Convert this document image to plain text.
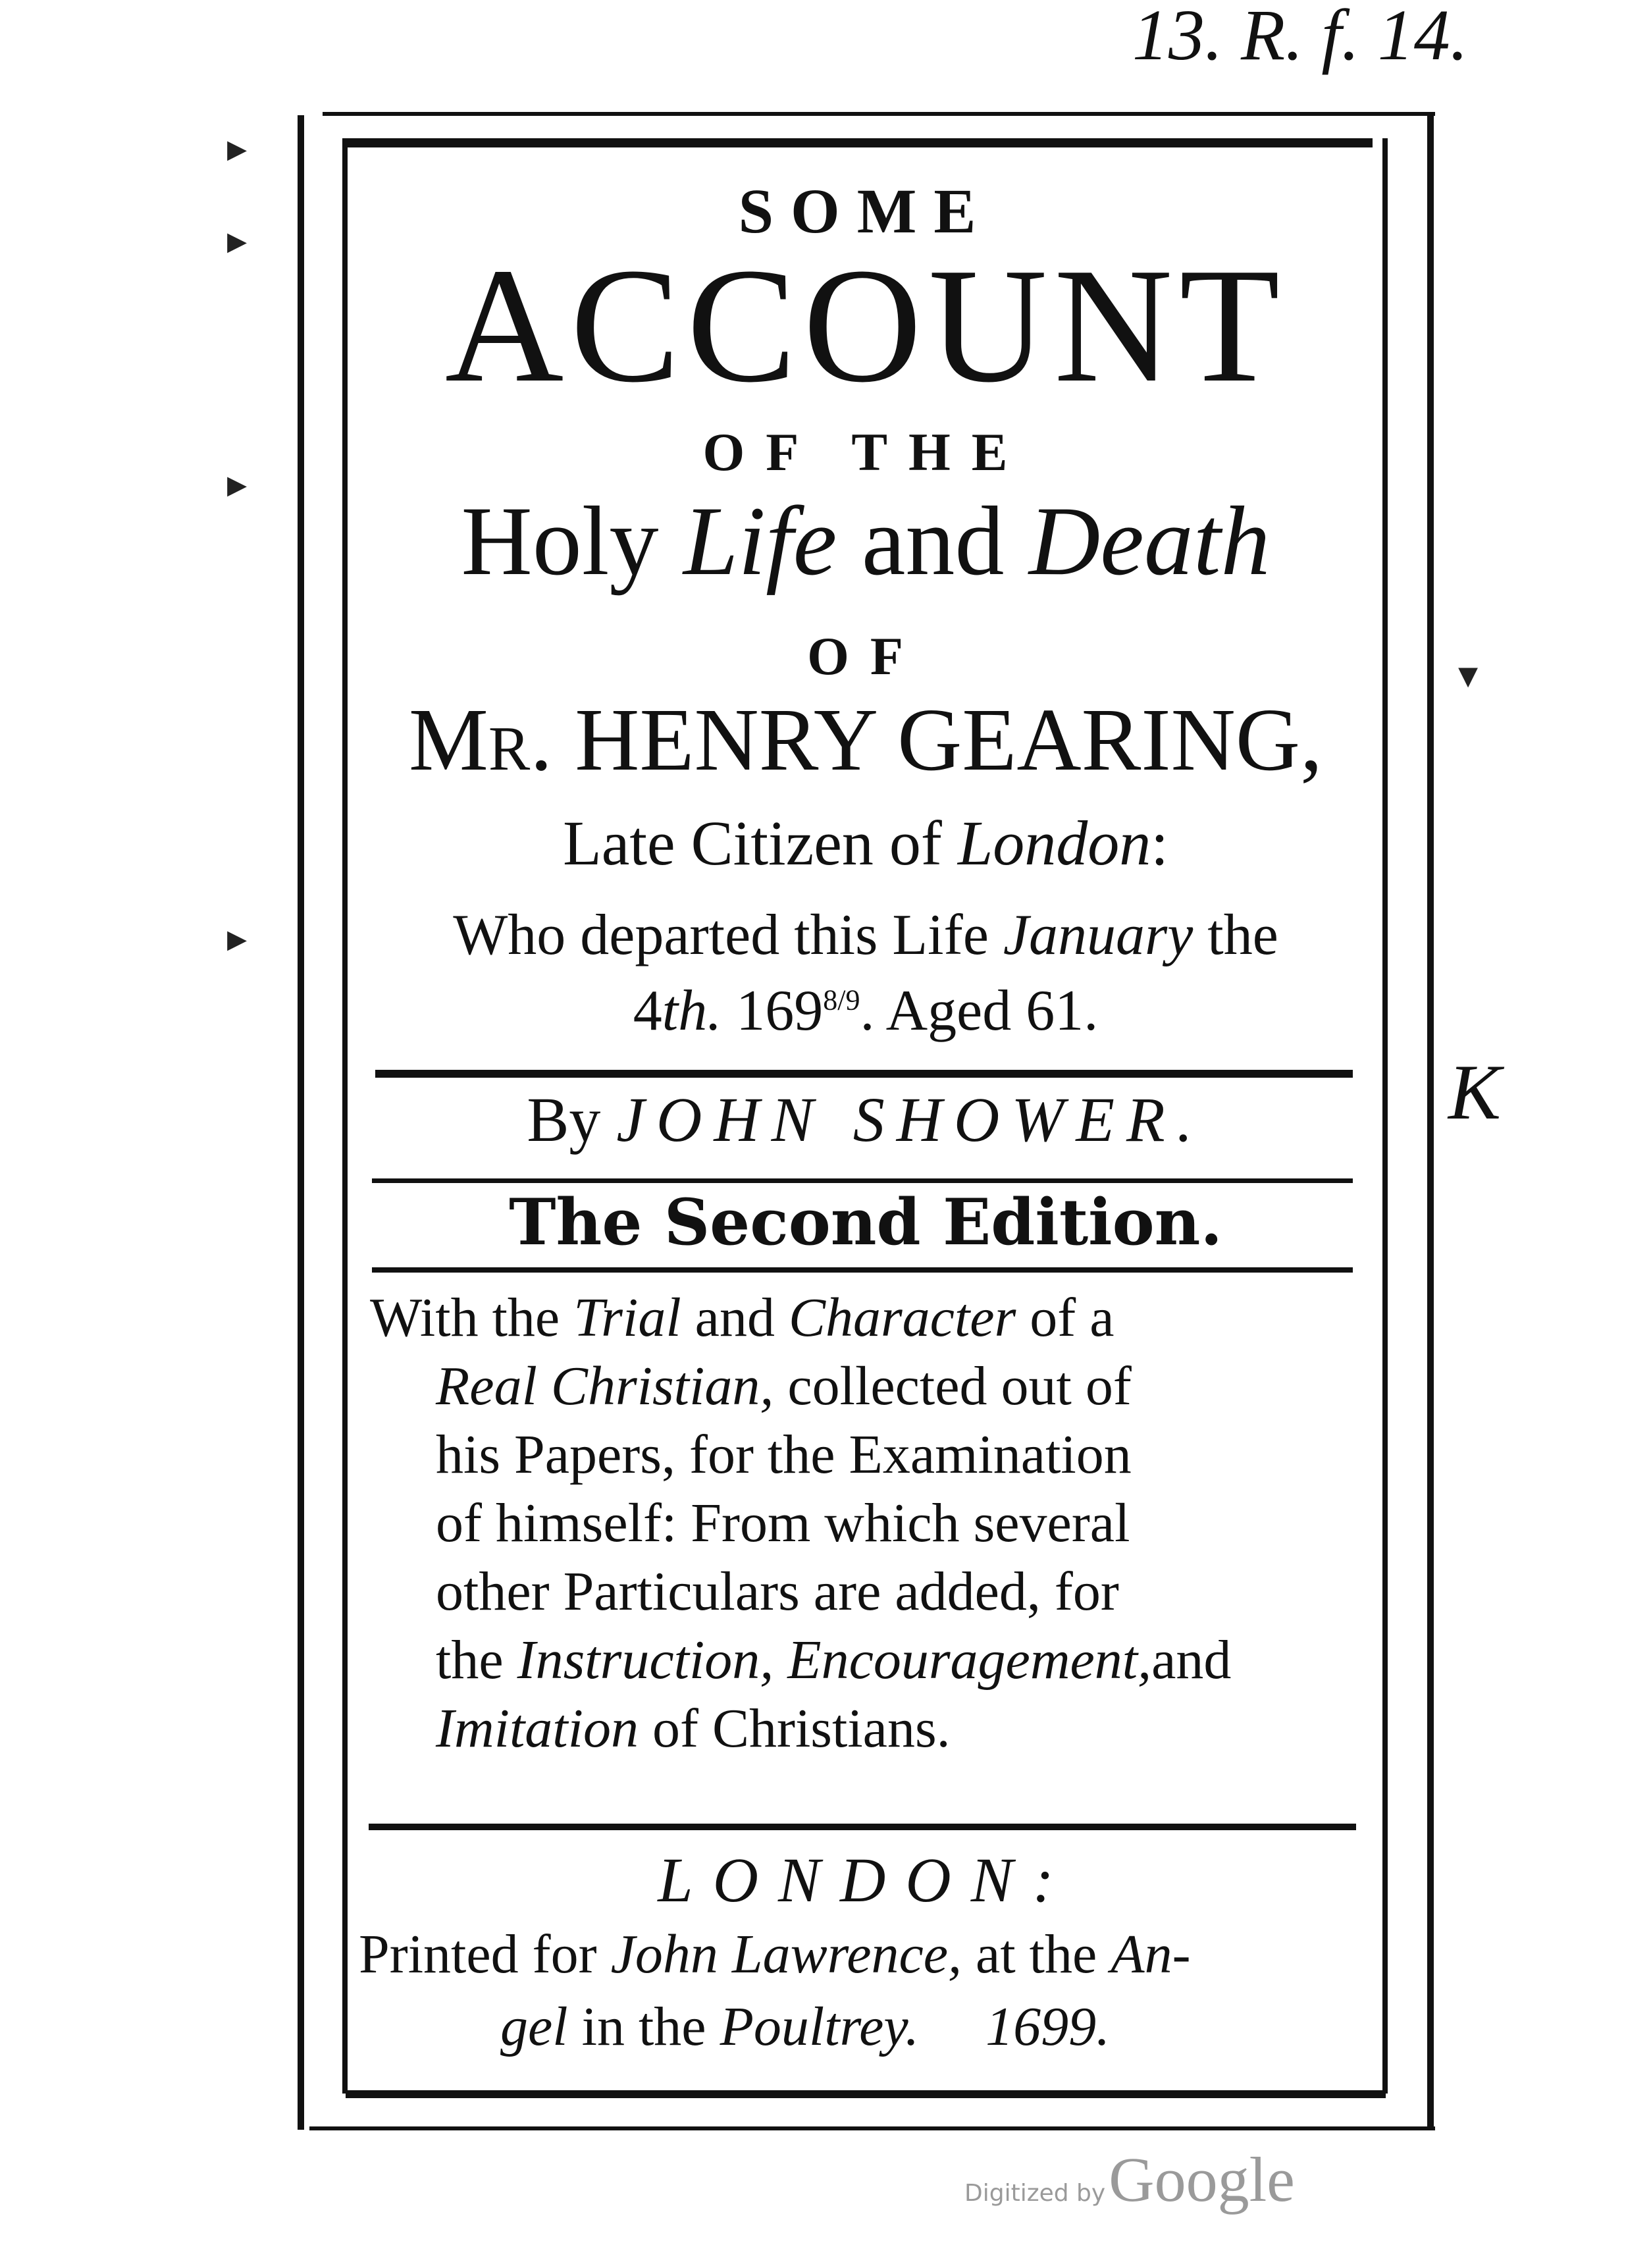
13. R. f. 14.
K
▸
▸
▸
▸
▾
SOME
ACCOUNT
OF THE
Holy Life and Death
OF
Mr. HENRY GEARING,
Late Citizen of London:
Who departed this Life January the
4th. $169^{8/9}$. Aged 61.
By JOHN SHOWER.
The Second Edition.
With the Trial and Character of a
Real Christian, collected out of
his Papers, for the Examination
of himself: From which several
other Particulars are added, for
the Instruction, Encouragement,and
Imitation of Christians.
LONDON:
Printed for John Lawrence, at the An-
gel in the Poultrey. 1699.
Digitized by Google
